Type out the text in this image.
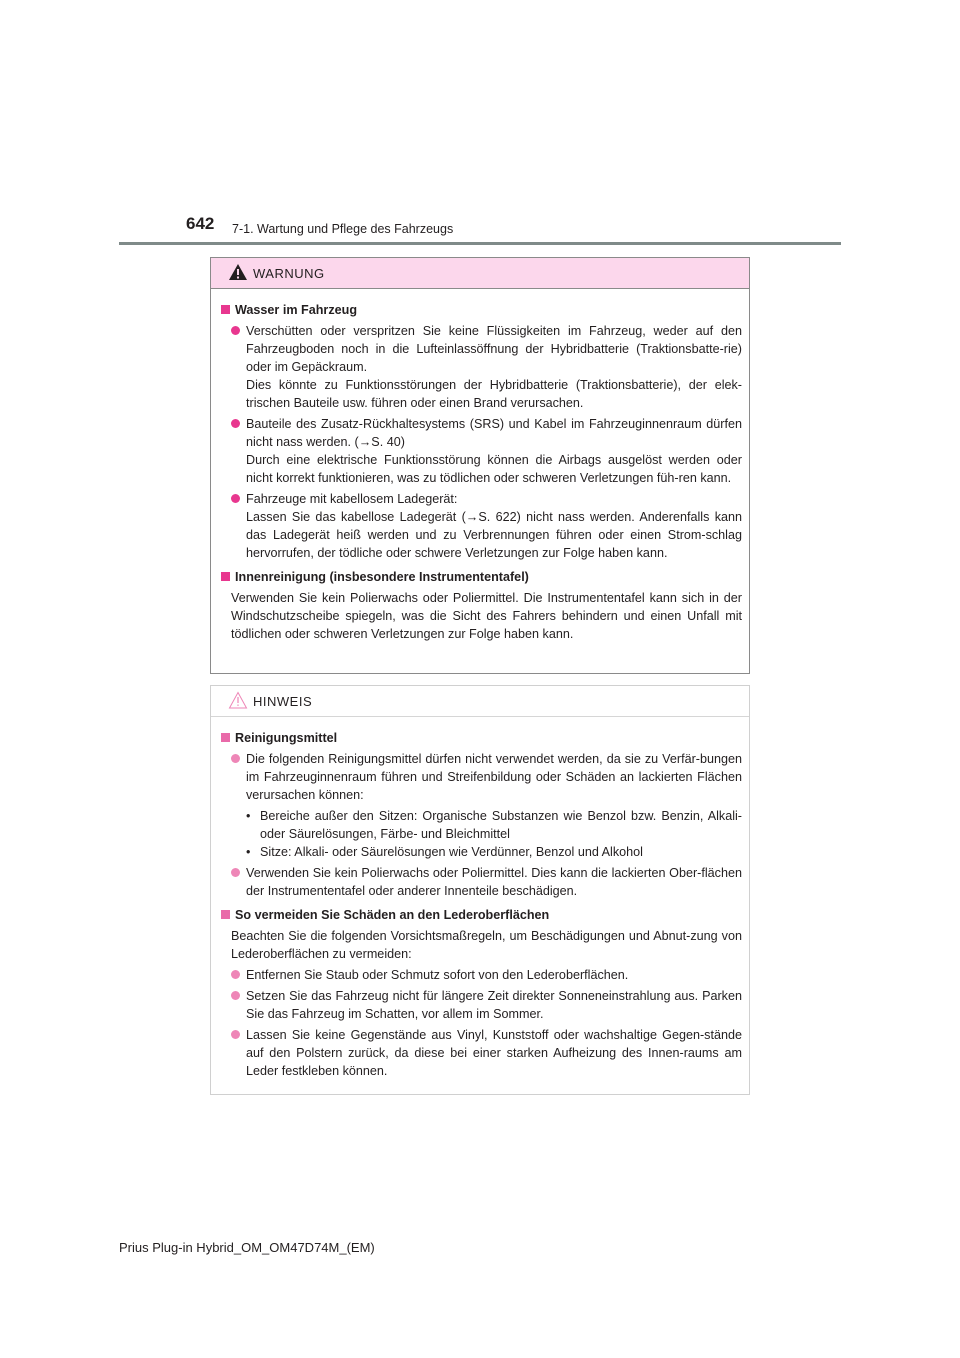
642 7-1. Wartung und Pflege des Fahrzeugs
WARNUNG
Wasser im Fahrzeug
Verschütten oder verspritzen Sie keine Flüssigkeiten im Fahrzeug, weder auf den Fahrzeugboden noch in die Lufteinlassöffnung der Hybridbatterie (Traktionsbatte-rie) oder im Gepäckraum.
Dies könnte zu Funktionsstörungen der Hybridbatterie (Traktionsbatterie), der elek-trischen Bauteile usw. führen oder einen Brand verursachen.
Bauteile des Zusatz-Rückhaltesystems (SRS) und Kabel im Fahrzeuginnenraum dürfen nicht nass werden. (→S. 40)
Durch eine elektrische Funktionsstörung können die Airbags ausgelöst werden oder nicht korrekt funktionieren, was zu tödlichen oder schweren Verletzungen füh-ren kann.
Fahrzeuge mit kabellosem Ladegerät:
Lassen Sie das kabellose Ladegerät (→S. 622) nicht nass werden. Anderenfalls kann das Ladegerät heiß werden und zu Verbrennungen führen oder einen Strom-schlag hervorrufen, der tödliche oder schwere Verletzungen zur Folge haben kann.
Innenreinigung (insbesondere Instrumententafel)
Verwenden Sie kein Polierwachs oder Poliermittel. Die Instrumententafel kann sich in der Windschutzscheibe spiegeln, was die Sicht des Fahrers behindern und einen Unfall mit tödlichen oder schweren Verletzungen zur Folge haben kann.
HINWEIS
Reinigungsmittel
Die folgenden Reinigungsmittel dürfen nicht verwendet werden, da sie zu Verfär-bungen im Fahrzeuginnenraum führen und Streifenbildung oder Schäden an lackierten Flächen verursachen können:
• Bereiche außer den Sitzen: Organische Substanzen wie Benzol bzw. Benzin, Alkali- oder Säurelösungen, Färbe- und Bleichmittel
• Sitze: Alkali- oder Säurelösungen wie Verdünner, Benzol und Alkohol
Verwenden Sie kein Polierwachs oder Poliermittel. Dies kann die lackierten Ober-flächen der Instrumententafel oder anderer Innenteile beschädigen.
So vermeiden Sie Schäden an den Lederoberflächen
Beachten Sie die folgenden Vorsichtsmaßregeln, um Beschädigungen und Abnut-zung von Lederoberflächen zu vermeiden:
Entfernen Sie Staub oder Schmutz sofort von den Lederoberflächen.
Setzen Sie das Fahrzeug nicht für längere Zeit direkter Sonneneinstrahlung aus. Parken Sie das Fahrzeug im Schatten, vor allem im Sommer.
Lassen Sie keine Gegenstände aus Vinyl, Kunststoff oder wachshaltige Gegen-stände auf den Polstern zurück, da diese bei einer starken Aufheizung des Innen-raums am Leder festkleben können.
Prius Plug-in Hybrid_OM_OM47D74M_(EM)
